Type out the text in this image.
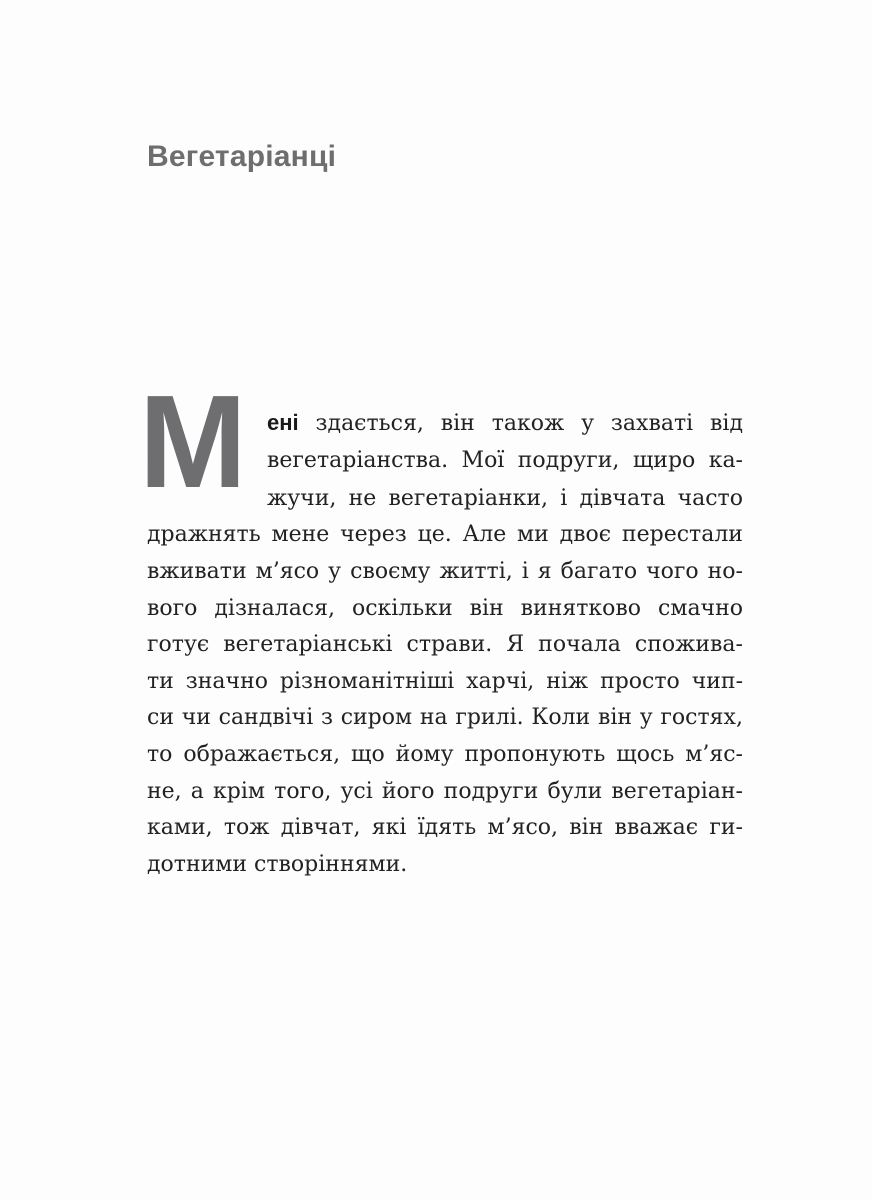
Вегетаріанці
М ені здається, він також у захваті від

вегетаріанства. Мої подруги, щиро ка-

жучи, не вегетаріанки, і дівчата часто

дражнять мене через це. Але ми двоє перестали

вживати м’ясо у своєму житті, і я багато чого но-

вого дізналася, оскільки він винятково смачно

готує вегетаріанські страви. Я почала спожива-

ти значно різноманітніші харчі, ніж просто чип-

си чи сандвічі з сиром на грилі. Коли він у гостях,

то ображається, що йому пропонують щось м’яс-

не, а крім того, усі його подруги були вегетаріан-

ками, тож дівчат, які їдять м’ясо, він вважає ги-

дотними створіннями.
